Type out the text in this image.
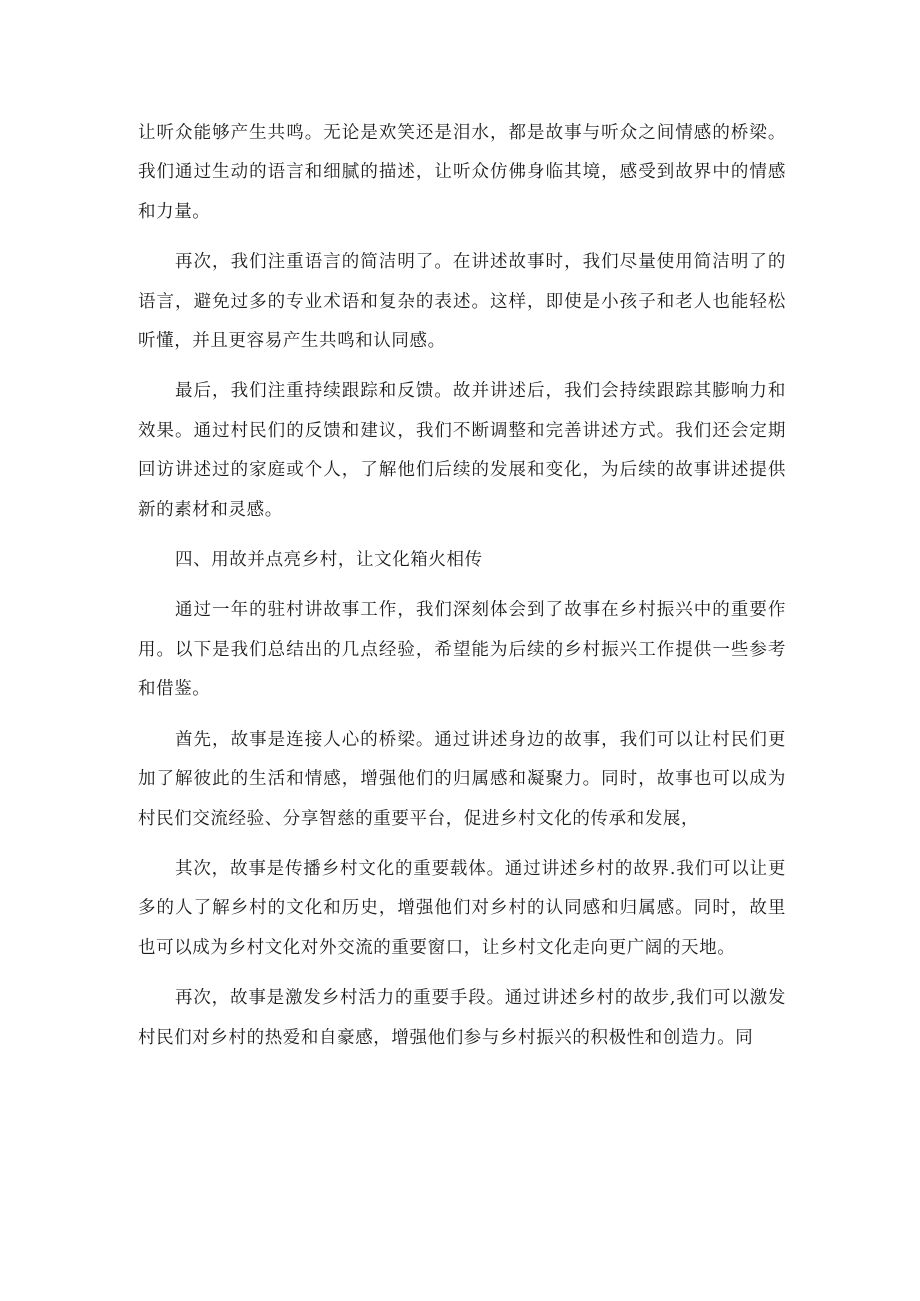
让听众能够产生共鸣。无论是欢笑还是泪水，都是故事与听众之间情感的桥梁。我们通过生动的语言和细腻的描述，让听众仿佛身临其境，感受到故界中的情感和力量。

再次，我们注重语言的简洁明了。在讲述故事时，我们尽量使用简洁明了的语言，避免过多的专业术语和复杂的表述。这样，即使是小孩子和老人也能轻松听懂，并且更容易产生共鸣和认同感。

最后，我们注重持续跟踪和反馈。故并讲述后，我们会持续跟踪其膨响力和效果。通过村民们的反馈和建议，我们不断调整和完善讲述方式。我们还会定期回访讲述过的家庭或个人，了解他们后续的发展和变化，为后续的故事讲述提供新的素材和灵感。

四、用故并点亮乡村，让文化箱火相传

通过一年的驻村讲故事工作，我们深刻体会到了故事在乡村振兴中的重要作用。以下是我们总结出的几点经验，希望能为后续的乡村振兴工作提供一些参考和借鉴。

酋先，故事是连接人心的桥梁。通过讲述身边的故事，我们可以让村民们更加了解彼此的生活和情感，增强他们的归属感和凝聚力。同时，故事也可以成为村民们交流经验、分享智慈的重要平台，促进乡村文化的传承和发展，

其次，故事是传播乡村文化的重要载体。通过讲述乡村的故界.我们可以让更多的人了解乡村的文化和历史，增强他们对乡村的认同感和归属感。同时，故里也可以成为乡村文化对外交流的重要窗口，让乡村文化走向更广阔的天地。

再次，故事是激发乡村活力的重要手段。通过讲述乡村的故步,我们可以激发村民们对乡村的热爱和自豪感，增强他们参与乡村振兴的积极性和创造力。同
